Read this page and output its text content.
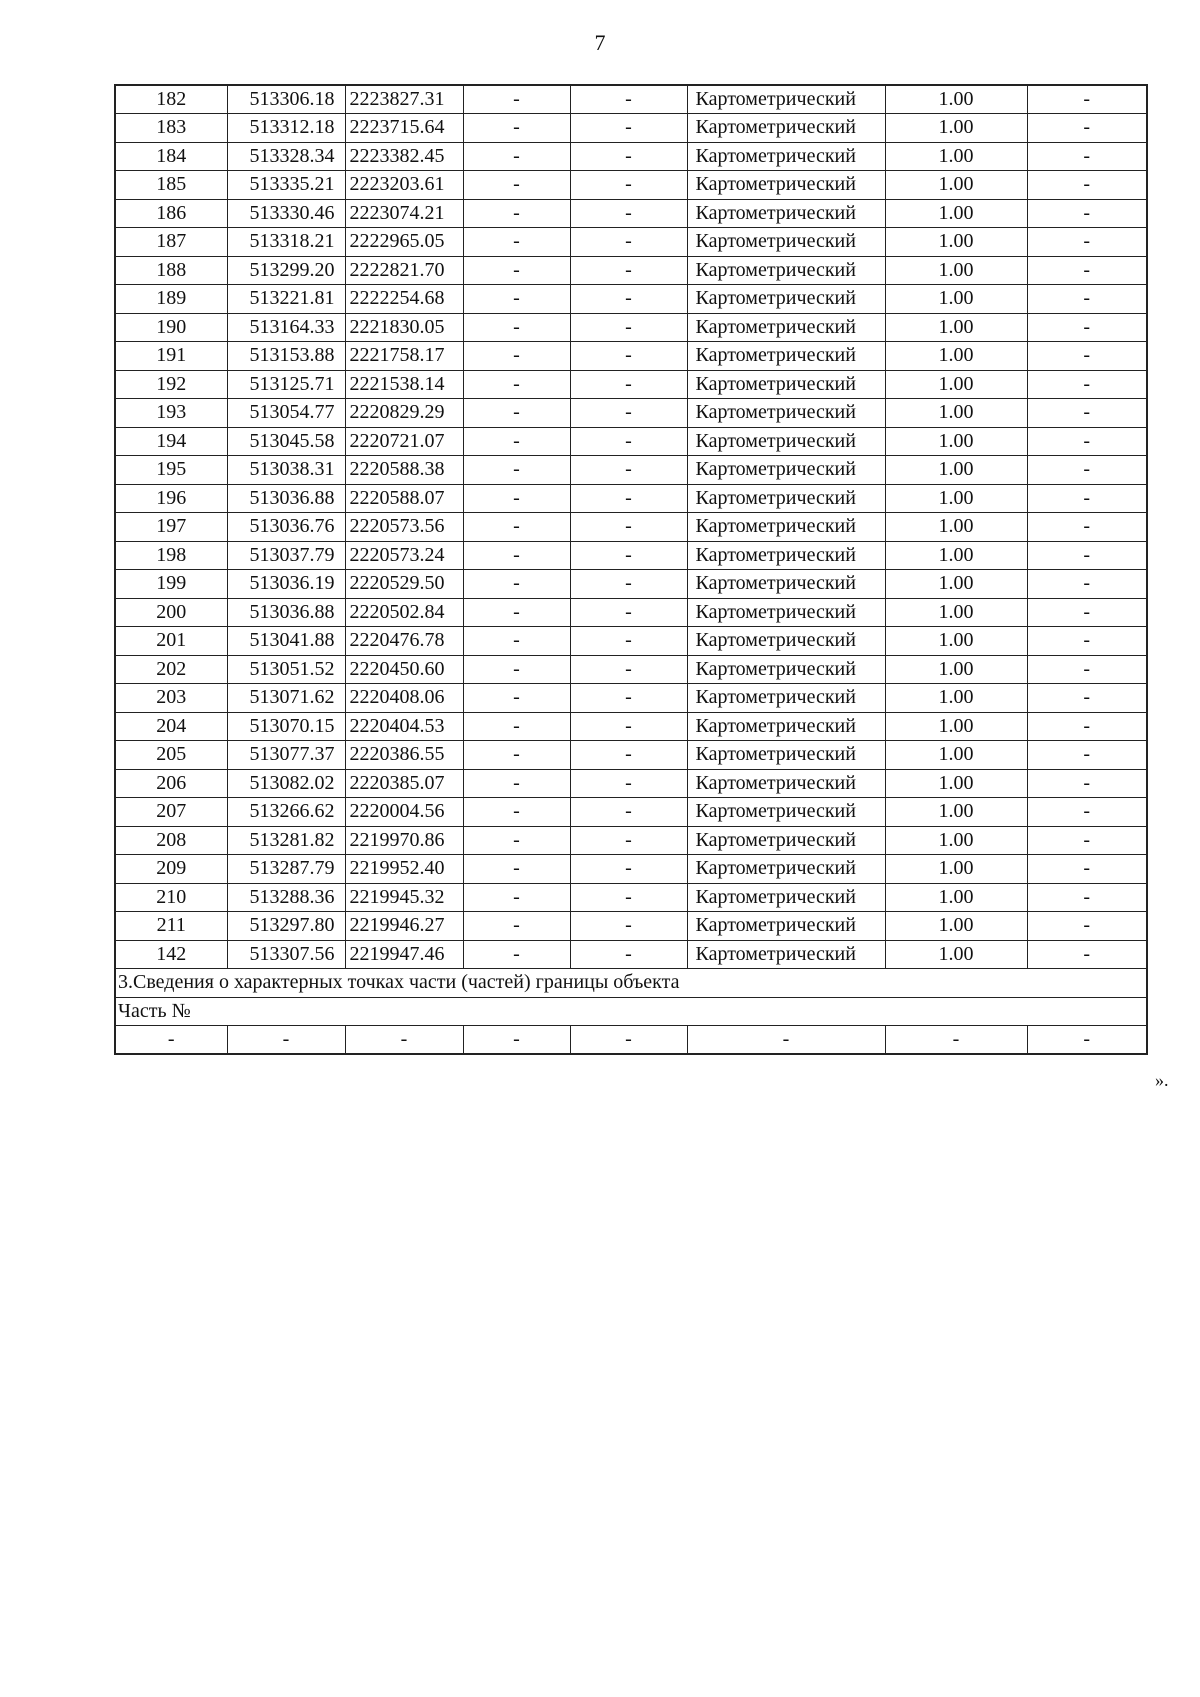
7
182	513306.18	2223827.31	-	-	Картометрический	1.00	-
183	513312.18	2223715.64	-	-	Картометрический	1.00	-
184	513328.34	2223382.45	-	-	Картометрический	1.00	-
185	513335.21	2223203.61	-	-	Картометрический	1.00	-
186	513330.46	2223074.21	-	-	Картометрический	1.00	-
187	513318.21	2222965.05	-	-	Картометрический	1.00	-
188	513299.20	2222821.70	-	-	Картометрический	1.00	-
189	513221.81	2222254.68	-	-	Картометрический	1.00	-
190	513164.33	2221830.05	-	-	Картометрический	1.00	-
191	513153.88	2221758.17	-	-	Картометрический	1.00	-
192	513125.71	2221538.14	-	-	Картометрический	1.00	-
193	513054.77	2220829.29	-	-	Картометрический	1.00	-
194	513045.58	2220721.07	-	-	Картометрический	1.00	-
195	513038.31	2220588.38	-	-	Картометрический	1.00	-
196	513036.88	2220588.07	-	-	Картометрический	1.00	-
197	513036.76	2220573.56	-	-	Картометрический	1.00	-
198	513037.79	2220573.24	-	-	Картометрический	1.00	-
199	513036.19	2220529.50	-	-	Картометрический	1.00	-
200	513036.88	2220502.84	-	-	Картометрический	1.00	-
201	513041.88	2220476.78	-	-	Картометрический	1.00	-
202	513051.52	2220450.60	-	-	Картометрический	1.00	-
203	513071.62	2220408.06	-	-	Картометрический	1.00	-
204	513070.15	2220404.53	-	-	Картометрический	1.00	-
205	513077.37	2220386.55	-	-	Картометрический	1.00	-
206	513082.02	2220385.07	-	-	Картометрический	1.00	-
207	513266.62	2220004.56	-	-	Картометрический	1.00	-
208	513281.82	2219970.86	-	-	Картометрический	1.00	-
209	513287.79	2219952.40	-	-	Картометрический	1.00	-
210	513288.36	2219945.32	-	-	Картометрический	1.00	-
211	513297.80	2219946.27	-	-	Картометрический	1.00	-
142	513307.56	2219947.46	-	-	Картометрический	1.00	-
3.Сведения о характерных точках части (частей) границы объекта							
Часть №							
-	-	-	-	-	-	-	-
».
